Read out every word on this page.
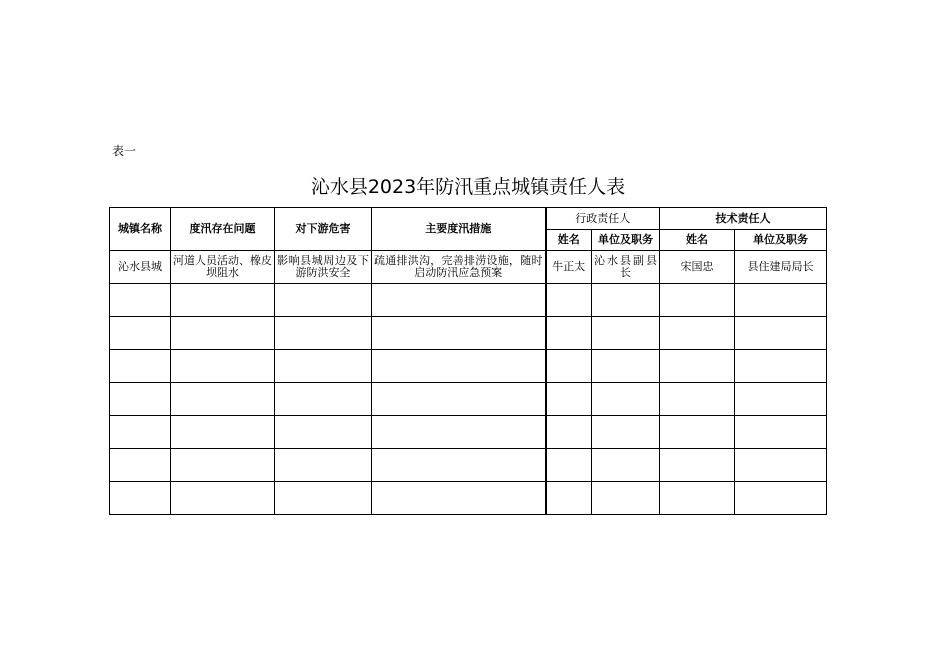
表一
沁水县2023年防汛重点城镇责任人表
城镇名称	度汛存在问题	对下游危害	主要度汛措施	行政责任人		技术责任人	
				姓名	单位及职务	姓名	单位及职务
沁水县城	河道人员活动、橡皮坝阻水	影响县城周边及下游防洪安全	疏通排洪沟，完善排涝设施，随时启动防汛应急预案	牛正太	沁水县副县长	宋国忠	县住建局局长
